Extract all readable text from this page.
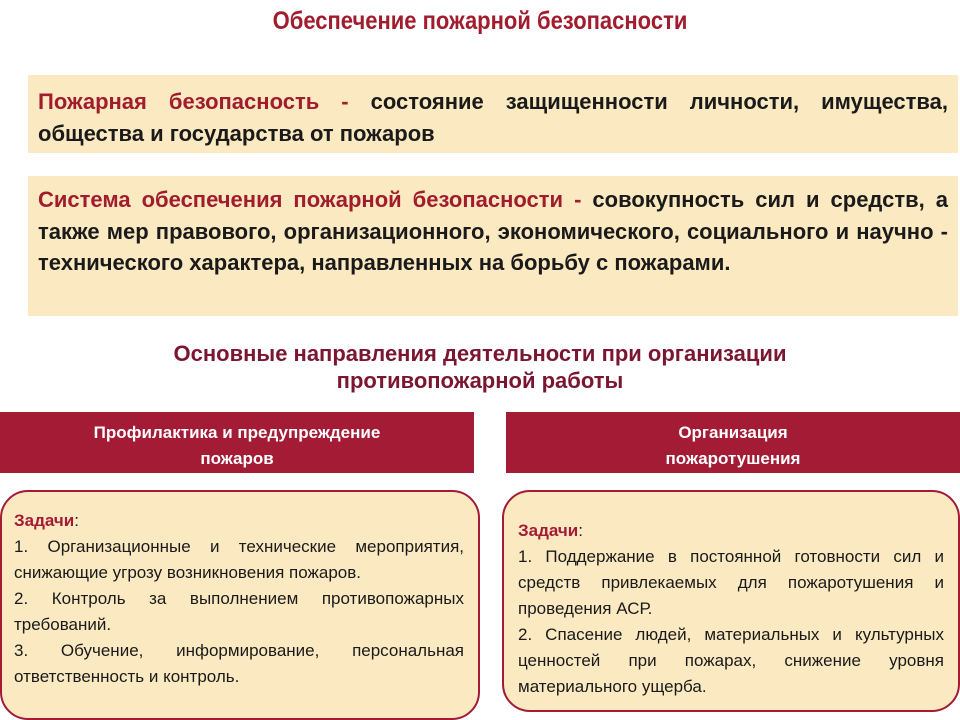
Обеспечение пожарной безопасности
Пожарная безопасность - состояние защищенности личности, имущества, общества и государства от пожаров
Система обеспечения пожарной безопасности - совокупность сил и средств, а также мер правового, организационного, экономического, социального и научно - технического характера, направленных на борьбу с пожарами.
Основные направления деятельности при организации
противопожарной работы
Профилактика и предупреждение
пожаров
Организация
пожаротушения
Задачи:
1. Организационные и технические мероприятия, снижающие угрозу возникновения пожаров.
2. Контроль за выполнением противопожарных требований.
3. Обучение, информирование, персональная ответственность и контроль.
Задачи:
1. Поддержание в постоянной готовности сил и средств привлекаемых для пожаротушения и проведения АСР.
2. Спасение людей, материальных и культурных ценностей при пожарах, снижение уровня материального ущерба.
